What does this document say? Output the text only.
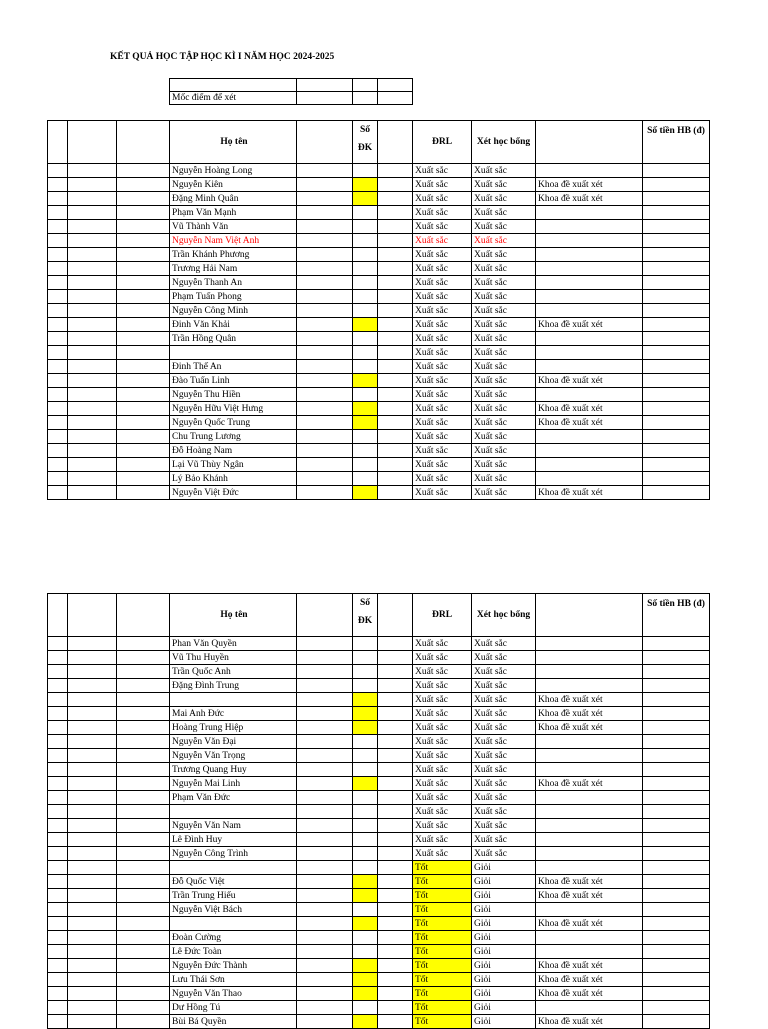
KẾT QUẢ HỌC TẬP HỌC KÌ I NĂM HỌC 2024-2025

Mốc điểm để xét			
			Họ tên		Số ĐK		ĐRL	Xét học bổng		Số tiền HB (đ)
			Nguyễn Hoàng Long				Xuất sắc	Xuất sắc		
			Nguyễn Kiên				Xuất sắc	Xuất sắc	Khoa đề xuất xét	
			Đặng Minh Quân				Xuất sắc	Xuất sắc	Khoa đề xuất xét	
			Phạm Văn Mạnh				Xuất sắc	Xuất sắc		
			Vũ Thành Văn				Xuất sắc	Xuất sắc		
			Nguyễn Nam Việt Anh				Xuất sắc	Xuất sắc		
			Trần Khánh Phương				Xuất sắc	Xuất sắc		
			Trương Hải Nam				Xuất sắc	Xuất sắc		
			Nguyễn Thanh An				Xuất sắc	Xuất sắc		
			Phạm Tuấn Phong				Xuất sắc	Xuất sắc		
			Nguyễn Công Minh				Xuất sắc	Xuất sắc		
			Đinh Văn Khải				Xuất sắc	Xuất sắc	Khoa đề xuất xét	
			Trần Hồng Quân				Xuất sắc	Xuất sắc		
							Xuất sắc	Xuất sắc		
			Đinh Thế An				Xuất sắc	Xuất sắc		
			Đào Tuấn Linh				Xuất sắc	Xuất sắc	Khoa đề xuất xét	
			Nguyễn Thu Hiền				Xuất sắc	Xuất sắc		
			Nguyễn Hữu Việt Hưng				Xuất sắc	Xuất sắc	Khoa đề xuất xét	
			Nguyễn Quốc Trung				Xuất sắc	Xuất sắc	Khoa đề xuất xét	
			Chu Trung Lương				Xuất sắc	Xuất sắc		
			Đỗ Hoàng Nam				Xuất sắc	Xuất sắc		
			Lại Vũ Thùy Ngân				Xuất sắc	Xuất sắc		
			Lý Bảo Khánh				Xuất sắc	Xuất sắc		
			Nguyễn Việt Đức				Xuất sắc	Xuất sắc	Khoa đề xuất xét	
			Họ tên		Số ĐK		ĐRL	Xét học bổng		Số tiền HB (đ)
			Phan Văn Quyền				Xuất sắc	Xuất sắc		
			Vũ Thu Huyền				Xuất sắc	Xuất sắc		
			Trần Quốc Anh				Xuất sắc	Xuất sắc		
			Đặng Đình Trung				Xuất sắc	Xuất sắc		
							Xuất sắc	Xuất sắc	Khoa đề xuất xét	
			Mai Anh Đức				Xuất sắc	Xuất sắc	Khoa đề xuất xét	
			Hoàng Trung Hiệp				Xuất sắc	Xuất sắc	Khoa đề xuất xét	
			Nguyễn Văn Đại				Xuất sắc	Xuất sắc		
			Nguyễn Văn Trọng				Xuất sắc	Xuất sắc		
			Trương Quang Huy				Xuất sắc	Xuất sắc		
			Nguyễn Mai Linh				Xuất sắc	Xuất sắc	Khoa đề xuất xét	
			Phạm Văn Đức				Xuất sắc	Xuất sắc		
							Xuất sắc	Xuất sắc		
			Nguyễn Văn Nam				Xuất sắc	Xuất sắc		
			Lê Đình Huy				Xuất sắc	Xuất sắc		
			Nguyễn Công Trình				Xuất sắc	Xuất sắc		
							Tốt	Giỏi		
			Đỗ Quốc Việt				Tốt	Giỏi	Khoa đề xuất xét	
			Trần Trung Hiếu				Tốt	Giỏi	Khoa đề xuất xét	
			Nguyễn Việt Bách				Tốt	Giỏi		
							Tốt	Giỏi	Khoa đề xuất xét	
			Đoàn Cường				Tốt	Giỏi		
			Lê Đức Toàn				Tốt	Giỏi		
			Nguyễn Đức Thành				Tốt	Giỏi	Khoa đề xuất xét	
			Lưu Thái Sơn				Tốt	Giỏi	Khoa đề xuất xét	
			Nguyễn Văn Thao				Tốt	Giỏi	Khoa đề xuất xét	
			Dư Hồng Tú				Tốt	Giỏi		
			Bùi Bá Quyền				Tốt	Giỏi	Khoa đề xuất xét	
